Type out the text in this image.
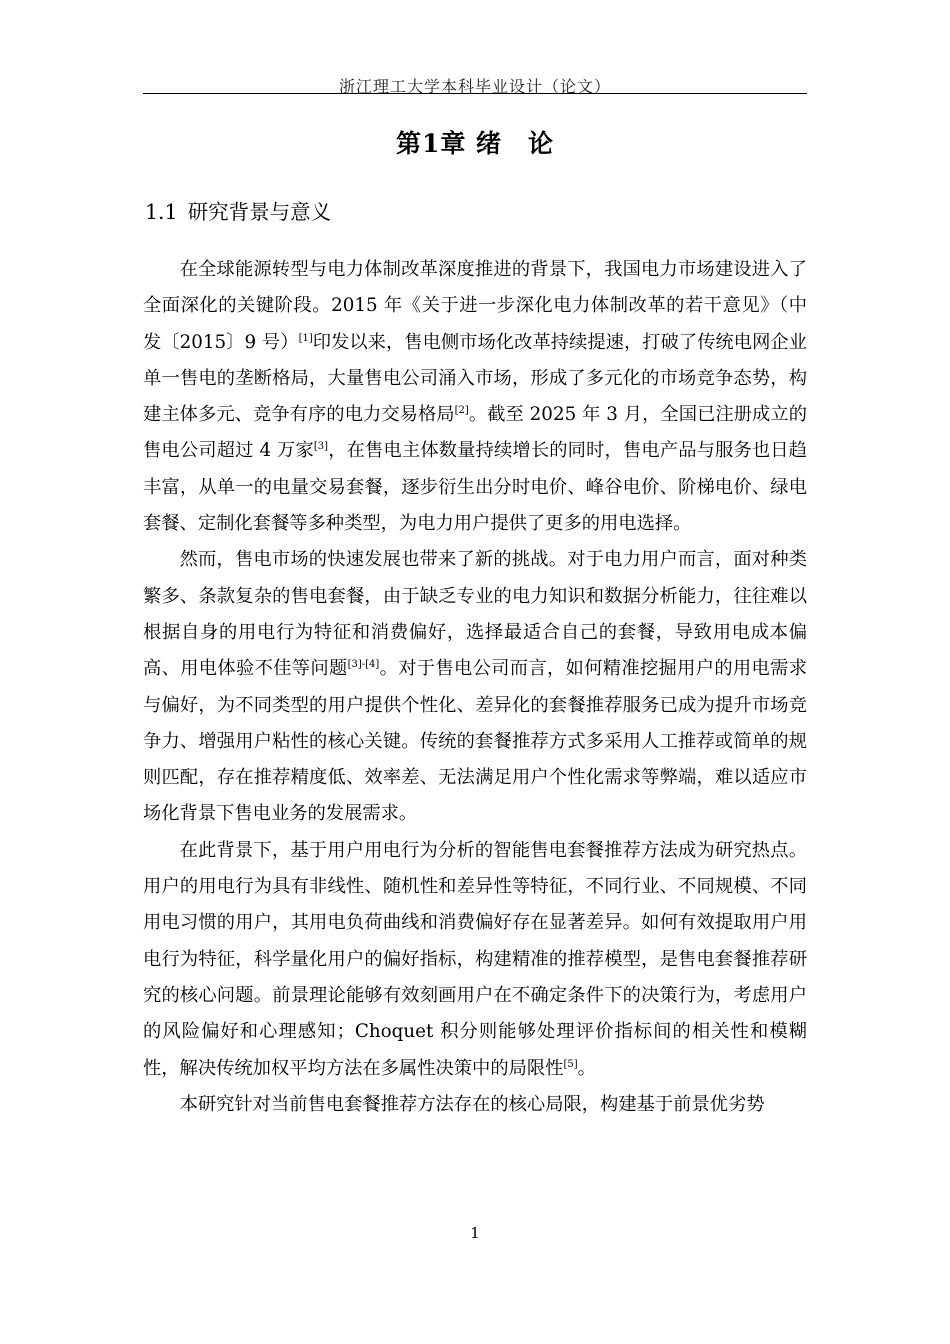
浙江理工大学本科毕业设计（论文）
第1章 绪　论
1.1 研究背景与意义

在全球能源转型与电力体制改革深度推进的背景下，我国电力市场建设进入了全面深化的关键阶段。2015 年《关于进一步深化电力体制改革的若干意见》（中发〔2015〕9 号）[1]印发以来，售电侧市场化改革持续提速，打破了传统电网企业单一售电的垄断格局，大量售电公司涌入市场，形成了多元化的市场竞争态势，构建主体多元、竞争有序的电力交易格局[2]。截至 2025 年 3 月，全国已注册成立的售电公司超过 4 万家[3]，在售电主体数量持续增长的同时，售电产品与服务也日趋丰富，从单一的电量交易套餐，逐步衍生出分时电价、峰谷电价、阶梯电价、绿电套餐、定制化套餐等多种类型，为电力用户提供了更多的用电选择。

然而，售电市场的快速发展也带来了新的挑战。对于电力用户而言，面对种类繁多、条款复杂的售电套餐，由于缺乏专业的电力知识和数据分析能力，往往难以根据自身的用电行为特征和消费偏好，选择最适合自己的套餐，导致用电成本偏高、用电体验不佳等问题[3]-[4]。对于售电公司而言，如何精准挖掘用户的用电需求与偏好，为不同类型的用户提供个性化、差异化的套餐推荐服务已成为提升市场竞争力、增强用户粘性的核心关键。传统的套餐推荐方式多采用人工推荐或简单的规则匹配，存在推荐精度低、效率差、无法满足用户个性化需求等弊端，难以适应市场化背景下售电业务的发展需求。

在此背景下，基于用户用电行为分析的智能售电套餐推荐方法成为研究热点。用户的用电行为具有非线性、随机性和差异性等特征，不同行业、不同规模、不同用电习惯的用户，其用电负荷曲线和消费偏好存在显著差异。如何有效提取用户用电行为特征，科学量化用户的偏好指标，构建精准的推荐模型，是售电套餐推荐研究的核心问题。前景理论能够有效刻画用户在不确定条件下的决策行为，考虑用户的风险偏好和心理感知；Choquet 积分则能够处理评价指标间的相关性和模糊性，解决传统加权平均方法在多属性决策中的局限性[5]。

本研究针对当前售电套餐推荐方法存在的核心局限，构建基于前景优劣势

1
